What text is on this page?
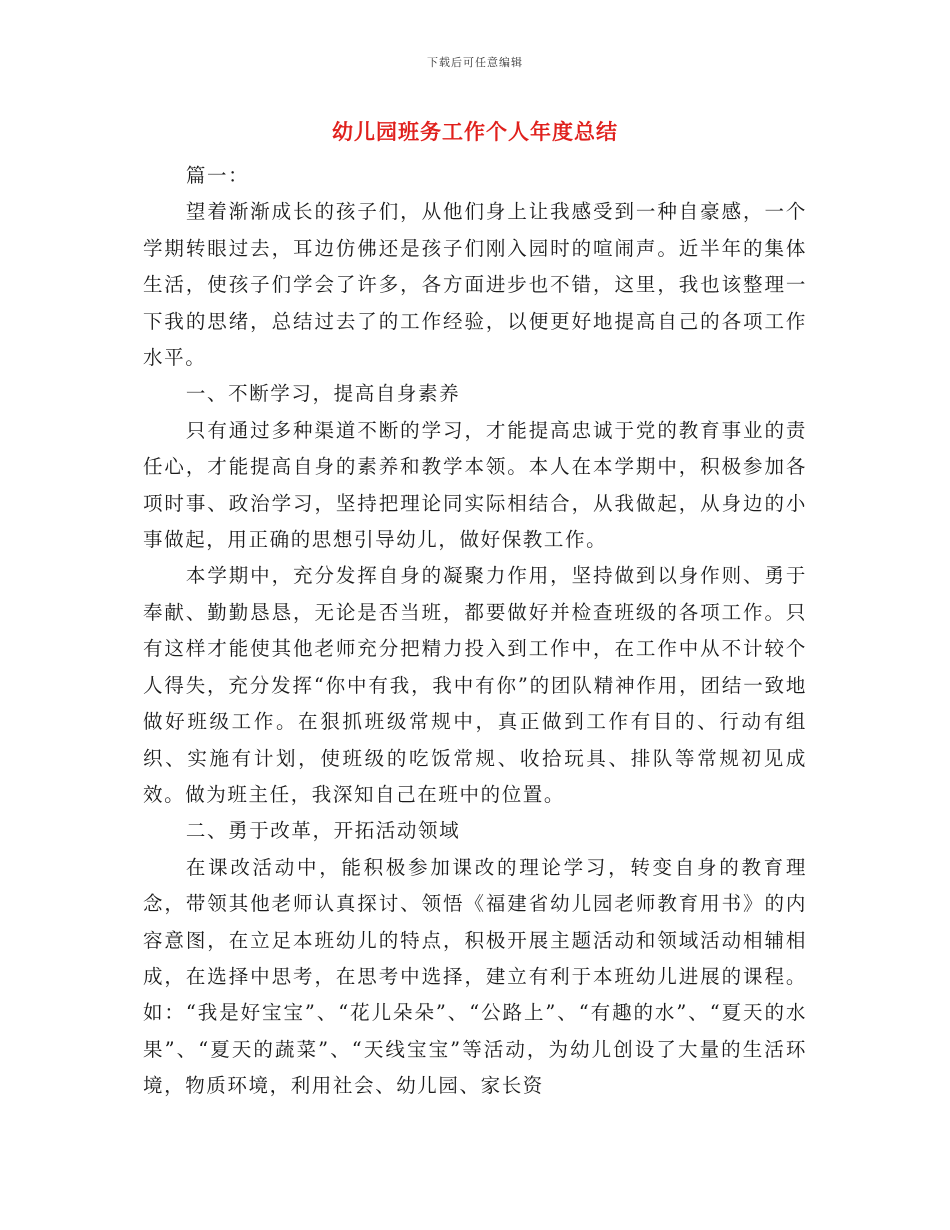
下载后可任意编辑
幼儿园班务工作个人年度总结

篇一：

望着渐渐成长的孩子们，从他们身上让我感受到一种自豪感，一个学期转眼过去，耳边仿佛还是孩子们刚入园时的喧闹声。近半年的集体生活，使孩子们学会了许多，各方面进步也不错，这里，我也该整理一下我的思绪，总结过去了的工作经验，以便更好地提高自己的各项工作水平。

一、不断学习，提高自身素养

只有通过多种渠道不断的学习，才能提高忠诚于党的教育事业的责任心，才能提高自身的素养和教学本领。本人在本学期中，积极参加各项时事、政治学习，坚持把理论同实际相结合，从我做起，从身边的小事做起，用正确的思想引导幼儿，做好保教工作。

本学期中，充分发挥自身的凝聚力作用，坚持做到以身作则、勇于奉献、勤勤恳恳，无论是否当班，都要做好并检查班级的各项工作。只有这样才能使其他老师充分把精力投入到工作中，在工作中从不计较个人得失，充分发挥“你中有我，我中有你”的团队精神作用，团结一致地做好班级工作。在狠抓班级常规中，真正做到工作有目的、行动有组织、实施有计划，使班级的吃饭常规、收拾玩具、排队等常规初见成效。做为班主任，我深知自己在班中的位置。

二、勇于改革，开拓活动领域

在课改活动中，能积极参加课改的理论学习，转变自身的教育理念，带领其他老师认真探讨、领悟《福建省幼儿园老师教育用书》的内容意图，在立足本班幼儿的特点，积极开展主题活动和领域活动相辅相成，在选择中思考，在思考中选择，建立有利于本班幼儿进展的课程。如：“我是好宝宝”、“花儿朵朵”、“公路上”、“有趣的水”、“夏天的水果”、“夏天的蔬菜”、“天线宝宝”等活动，为幼儿创设了大量的生活环境，物质环境，利用社会、幼儿园、家长资
